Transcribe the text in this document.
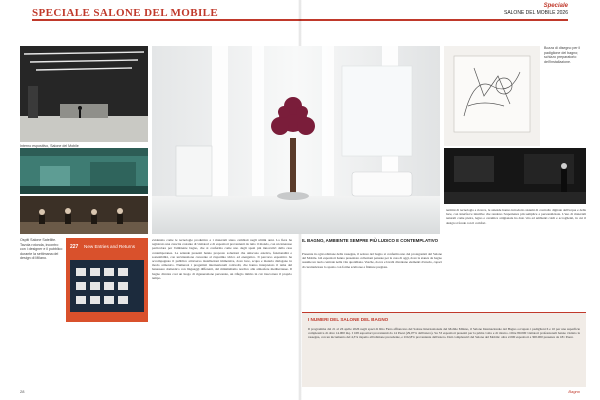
SPECIALE SALONE DEL MOBILE
Speciale
SALONE DEL MOBILE 2026
Interno espositivo, Salone del Mobile
Ospiti Salone Satellite. Tavola rotonda, incontro con i designer e il pubblico durante la settimana del design di Milano.
227 New Entries and Returns
evidenzia come le tecnologie produttive e i materiali siano cambiati negli ultimi anni. La fiera ha registrato una crescita costante di visitatori e di espositori provenienti da tutto il mondo, con un interesse particolare per l'ambiente bagno, che si conferma come uno degli spazi più innovativi della casa contemporanea. Le aziende presenti hanno proposto soluzioni che uniscono estetica, funzionalità e sostenibilità, con un'attenzione crescente al risparmio idrico ed energetico. Il percorso espositivo ha accompagnato il pubblico attraverso installazioni immersive, dove luce, acqua e materia dialogano in modo armonico. Numerosi i progettisti internazionali coinvolti, che hanno interpretato il tema del benessere domestico con linguaggi differenti, dal minimalismo nordico alle atmosfere mediterranee. Il bagno diventa così un luogo di rigenerazione personale, un rifugio intimo in cui trascorrere il proprio tempo.
Bozza di disegno per il padiglione del bagno; schizzo preparatorio dell'installazione.
IL BAGNO, AMBIENTE SEMPRE PIÙ LUDICO E CONTEMPLATIVO
Presente in ogni edizione della rassegna, il settore del bagno si conferma uno dei protagonisti del Salone del Mobile. Gli espositori hanno presentato collezioni pensate per la casa di oggi, dove la stanza da bagno assume un ruolo centrale nella vita quotidiana. Vasche, docce e lavabi diventano elementi d'arredo, capaci di caratterizzare lo spazio con forme scultoree e finiture pregiate.
termini di tecnologia e ricerca, le aziende hanno introdotto sistemi di controllo digitale dell'acqua e della luce, con interfacce intuitive che rendono l'esperienza più semplice e personalizzata. L'uso di materiali naturali come pietra, legno e ceramica artigianale ha dato vita ad ambienti caldi e accoglienti, in cui il design si fonde con il comfort.
I NUMERI DEL SALONE DEL BAGNO
Il programma dal 21 al 26 aprile 2026 negli spazi di Rho Fiera affiancano del Salone Internazionale del Mobile Milano, il Salone Internazionale del Bagno occupato i padiglioni 6 e 10 per una superficie complessiva di oltre 14.000 mq. I 168 espositori provenienti da 14 Paesi (29,07% dall'estero). Su 53 espositori presenti per la prima volta e di ritorno. Oltre 80.000 visitatori professionali hanno visitato la rassegna, con un incremento del 4,3% rispetto all'edizione precedente, e il 62,8% proveniente dall'estero. Dati complessivi del Salone del Mobile: oltre 2.000 espositori e 300.000 presenze da 181 Paesi.
28	Bagno
